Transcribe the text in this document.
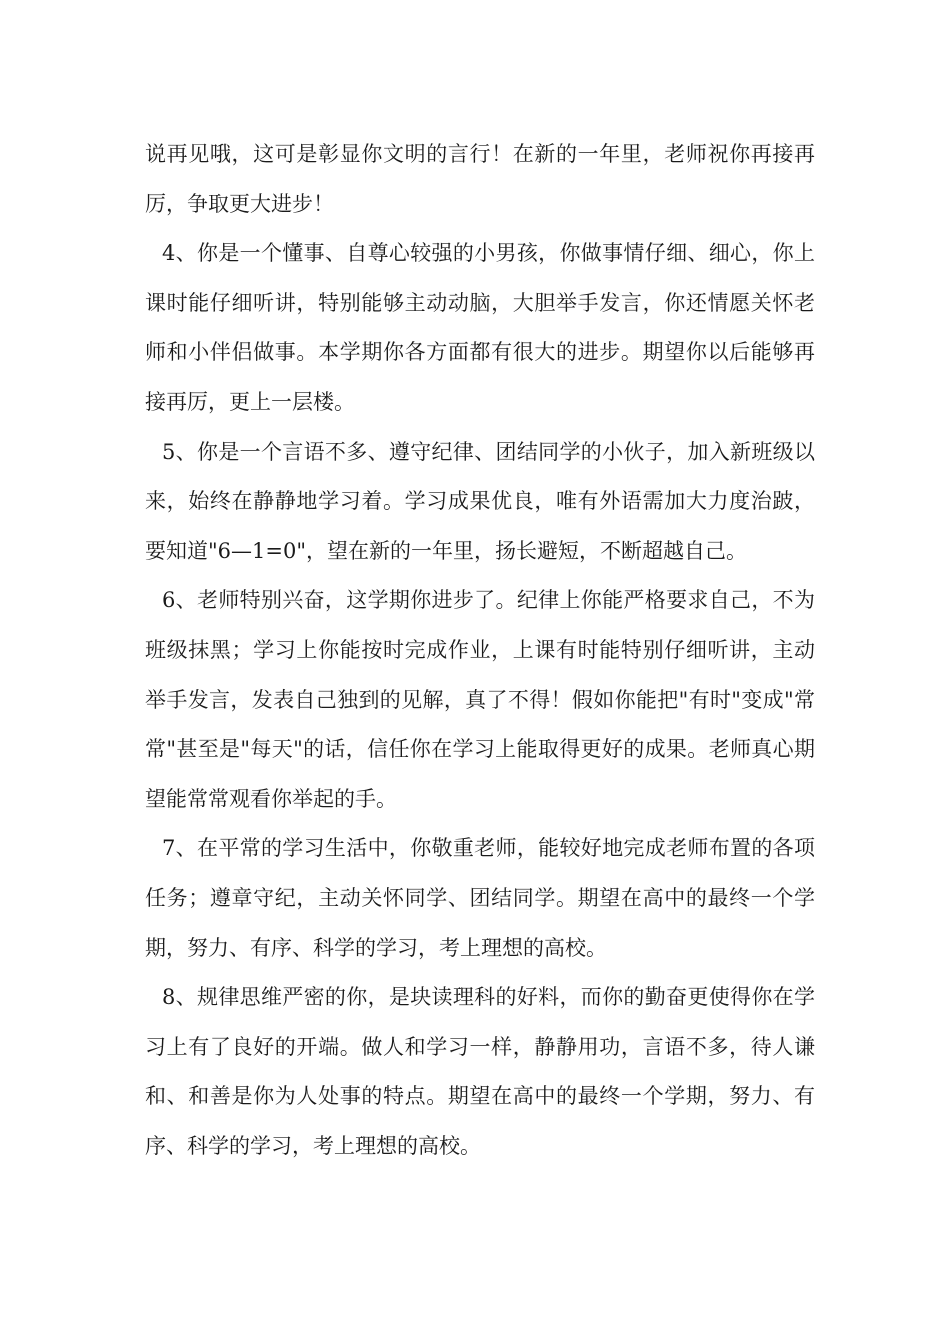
说再见哦，这可是彰显你文明的言行！在新的一年里，老师祝你再接再厉，争取更大进步！

4、你是一个懂事、自尊心较强的小男孩，你做事情仔细、细心，你上课时能仔细听讲，特别能够主动动脑，大胆举手发言，你还情愿关怀老师和小伴侣做事。本学期你各方面都有很大的进步。期望你以后能够再接再厉，更上一层楼。

5、你是一个言语不多、遵守纪律、团结同学的小伙子，加入新班级以来，始终在静静地学习着。学习成果优良，唯有外语需加大力度治跛，要知道"6—1=0"，望在新的一年里，扬长避短，不断超越自己。

6、老师特别兴奋，这学期你进步了。纪律上你能严格要求自己，不为班级抹黑；学习上你能按时完成作业，上课有时能特别仔细听讲，主动举手发言，发表自己独到的见解，真了不得！假如你能把"有时"变成"常常"甚至是"每天"的话，信任你在学习上能取得更好的成果。老师真心期望能常常观看你举起的手。

7、在平常的学习生活中，你敬重老师，能较好地完成老师布置的各项任务；遵章守纪，主动关怀同学、团结同学。期望在高中的最终一个学期，努力、有序、科学的学习，考上理想的高校。

8、规律思维严密的你，是块读理科的好料，而你的勤奋更使得你在学习上有了良好的开端。做人和学习一样，静静用功，言语不多，待人谦和、和善是你为人处事的特点。期望在高中的最终一个学期，努力、有序、科学的学习，考上理想的高校。
